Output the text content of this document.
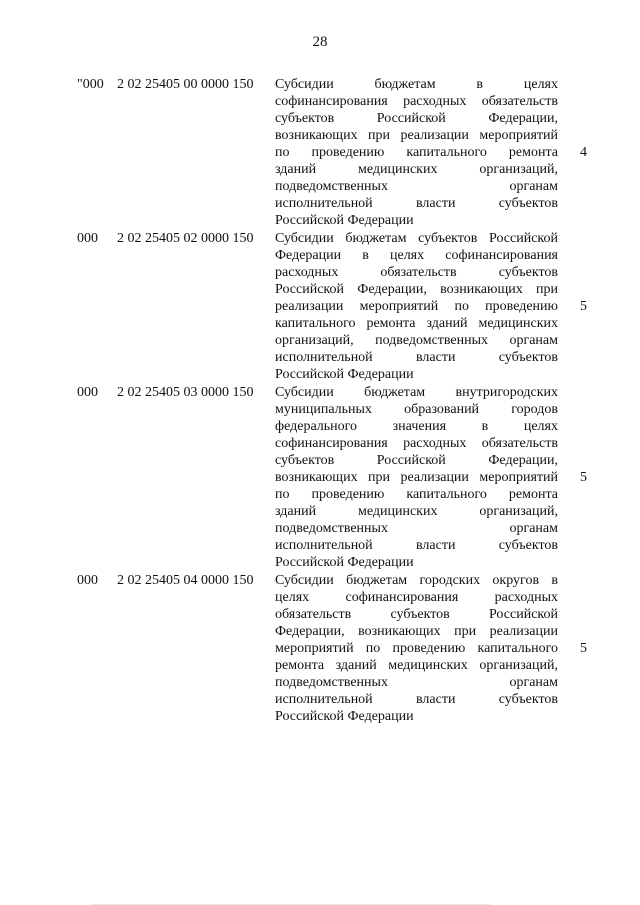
28
"000 2 02 25405 00 0000 150 Субсидии бюджетам в целях
софинансирования расходных обязательств
субъектов Российской Федерации,
возникающих при реализации мероприятий
по проведению капитального ремонта
зданий медицинских организаций,
подведомственных органам
исполнительной власти субъектов
Российской Федерации
4
000 2 02 25405 02 0000 150 Субсидии бюджетам субъектов Российской
Федерации в целях софинансирования
расходных обязательств субъектов
Российской Федерации, возникающих при
реализации мероприятий по проведению
капитального ремонта зданий медицинских
организаций, подведомственных органам
исполнительной власти субъектов
Российской Федерации
5
000 2 02 25405 03 0000 150 Субсидии бюджетам внутригородских
муниципальных образований городов
федерального значения в целях
софинансирования расходных обязательств
субъектов Российской Федерации,
возникающих при реализации мероприятий
по проведению капитального ремонта
зданий медицинских организаций,
подведомственных органам
исполнительной власти субъектов
Российской Федерации
5
000 2 02 25405 04 0000 150 Субсидии бюджетам городских округов в
целях софинансирования расходных
обязательств субъектов Российской
Федерации, возникающих при реализации
мероприятий по проведению капитального
ремонта зданий медицинских организаций,
подведомственных органам
исполнительной власти субъектов
Российской Федерации
5
